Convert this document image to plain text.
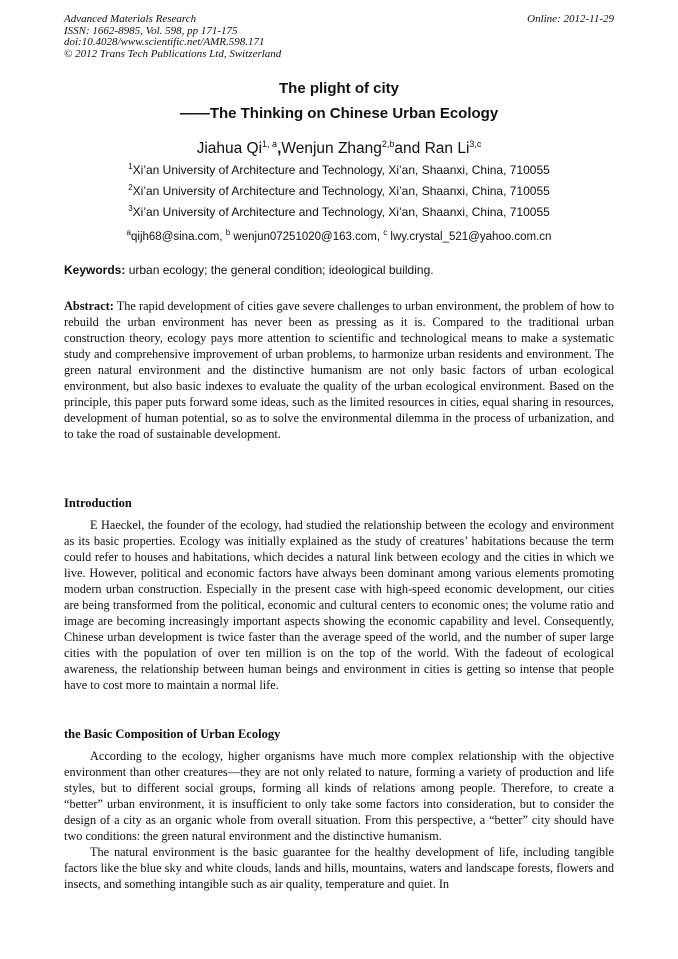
Advanced Materials Research
ISSN: 1662-8985, Vol. 598, pp 171-175
doi:10.4028/www.scientific.net/AMR.598.171
© 2012 Trans Tech Publications Ltd, Switzerland
Online: 2012-11-29
The plight of city
——The Thinking on Chinese Urban Ecology
Jiahua Qi$^{1, a}$,Wenjun Zhang$^{2,b}$and Ran Li$^{3,c}$
$^1$Xi’an University of Architecture and Technology, Xi’an, Shaanxi, China, 710055
$^2$Xi’an University of Architecture and Technology, Xi’an, Shaanxi, China, 710055
$^3$Xi’an University of Architecture and Technology, Xi’an, Shaanxi, China, 710055
$^a$qijh68@sina.com, $^b$ wenjun07251020@163.com, $^c$ lwy.crystal_521@yahoo.com.cn
Keywords: urban ecology; the general condition; ideological building.

Abstract: The rapid development of cities gave severe challenges to urban environment, the problem of how to rebuild the urban environment has never been as pressing as it is. Compared to the traditional urban construction theory, ecology pays more attention to scientific and technological means to make a systematic study and comprehensive improvement of urban problems, to harmonize urban residents and environment. The green natural environment and the distinctive humanism are not only basic factors of urban ecological environment, but also basic indexes to evaluate the quality of the urban ecological environment. Based on the principle, this paper puts forward some ideas, such as the limited resources in cities, equal sharing in resources, development of human potential, so as to solve the environmental dilemma in the process of urbanization, and to take the road of sustainable development.

Introduction

E Haeckel, the founder of the ecology, had studied the relationship between the ecology and environment as its basic properties. Ecology was initially explained as the study of creatures’ habitations because the term could refer to houses and habitations, which decides a natural link between ecology and the cities in which we live. However, political and economic factors have always been dominant among various elements promoting modern urban construction. Especially in the present case with high-speed economic development, our cities are being transformed from the political, economic and cultural centers to economic ones; the volume ratio and image are becoming increasingly important aspects showing the economic capability and level. Consequently, Chinese urban development is twice faster than the average speed of the world, and the number of super large cities with the population of over ten million is on the top of the world. With the fadeout of ecological awareness, the relationship between human beings and environment in cities is getting so intense that people have to cost more to maintain a normal life.

the Basic Composition of Urban Ecology

According to the ecology, higher organisms have much more complex relationship with the objective environment than other creatures—they are not only related to nature, forming a variety of production and life styles, but to different social groups, forming all kinds of relations among people. Therefore, to create a “better” urban environment, it is insufficient to only take some factors into consideration, but to consider the design of a city as an organic whole from overall situation. From this perspective, a “better” city should have two conditions: the green natural environment and the distinctive humanism.

The natural environment is the basic guarantee for the healthy development of life, including tangible factors like the blue sky and white clouds, lands and hills, mountains, waters and landscape forests, flowers and insects, and something intangible such as air quality, temperature and quiet. In
